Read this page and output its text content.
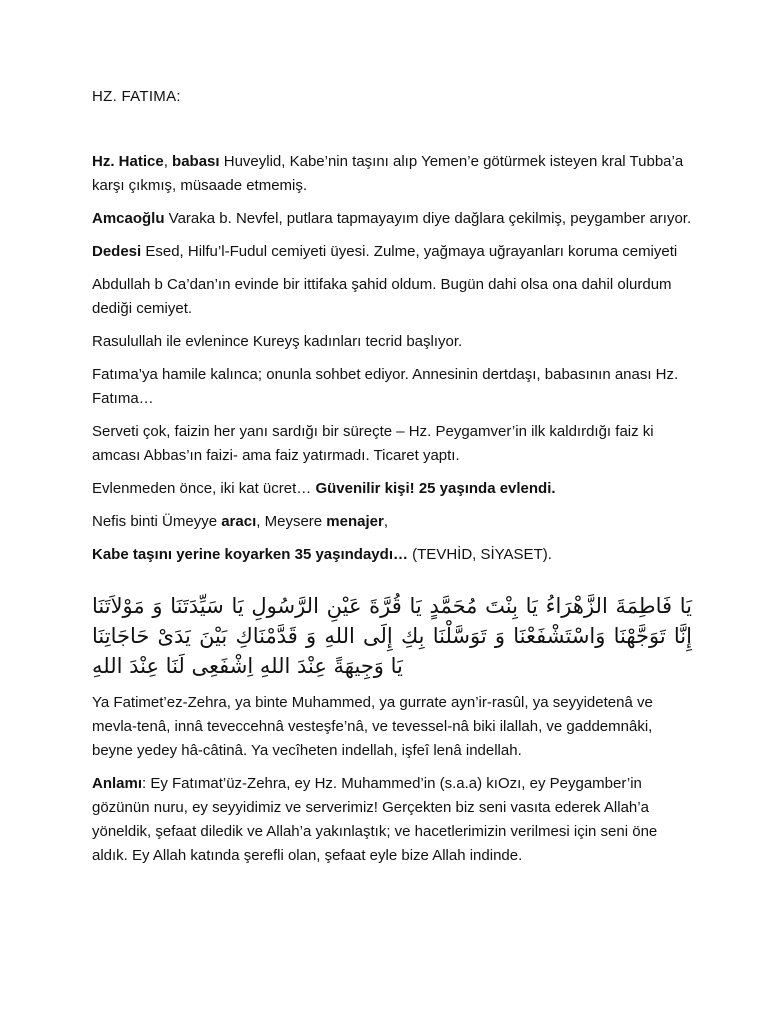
HZ. FATIMA:

Hz. Hatice, babası Huveylid, Kabe’nin taşını alıp Yemen’e götürmek isteyen kral Tubba’a karşı çıkmış, müsaade etmemiş.

Amcaoğlu Varaka b. Nevfel, putlara tapmayayım diye dağlara çekilmiş, peygamber arıyor.

Dedesi Esed, Hilfu’l-Fudul cemiyeti üyesi. Zulme, yağmaya uğrayanları koruma cemiyeti

Abdullah b Ca’dan’ın evinde bir ittifaka şahid oldum. Bugün dahi olsa ona dahil olurdum dediği cemiyet.

Rasulullah ile evlenince Kureyş kadınları tecrid başlıyor.

Fatıma’ya hamile kalınca; onunla sohbet ediyor. Annesinin dertdaşı, babasının anası Hz. Fatıma…

Serveti çok, faizin her yanı sardığı bir süreçte – Hz. Peygamver’in ilk kaldırdığı faiz ki amcası Abbas’ın faizi- ama faiz yatırmadı. Ticaret yaptı.

Evlenmeden önce, iki kat ücret… Güvenilir kişi! 25 yaşında evlendi.

Nefis binti Ümeyye aracı, Meysere menajer,

Kabe taşını yerine koyarken 35 yaşındaydı… (TEVHİD, SİYASET).

يَا فَاطِمَةَ الزَّهْرَاءُ يَا بِنْتَ مُحَمَّدٍ يَا قُرَّةَ عَيْنِ الرَّسُولِ يَا سَيِّدَتَنَا وَ مَوْلاَتَنَا إِنَّا تَوَجَّهْنَا وَاسْتَشْفَعْنَا وَ تَوَسَّلْنَا بِكِ إِلَى اللهِ وَ قَدَّمْنَاكِ بَيْنَ يَدَىْ حَاجَاتِنَا يَا وَجِيهَةً عِنْدَ اللهِ اِشْفَعِى لَنَا عِنْدَ اللهِ

Ya Fatimet’ez-Zehra, ya binte Muhammed, ya gurrate ayn’ir-rasûl, ya seyyidetenâ ve mevla-tenâ, innâ teveccehnâ vesteşfe’nâ, ve tevessel-nâ biki ilallah, ve gaddemnâki, beyne yedey hâ-câtinâ. Ya vecîheten indellah, işfeî lenâ indellah.

Anlamı: Ey Fatımat’üz-Zehra, ey Hz. Muhammed’in (s.a.a) kıOzı, ey Peygamber’in gözünün nuru, ey seyyidimiz ve serverimiz! Gerçekten biz seni vasıta ederek Allah’a yöneldik, şefaat diledik ve Allah’a yakınlaştık; ve hacetlerimizin verilmesi için seni öne aldık. Ey Allah katında şerefli olan, şefaat eyle bize Allah indinde.
